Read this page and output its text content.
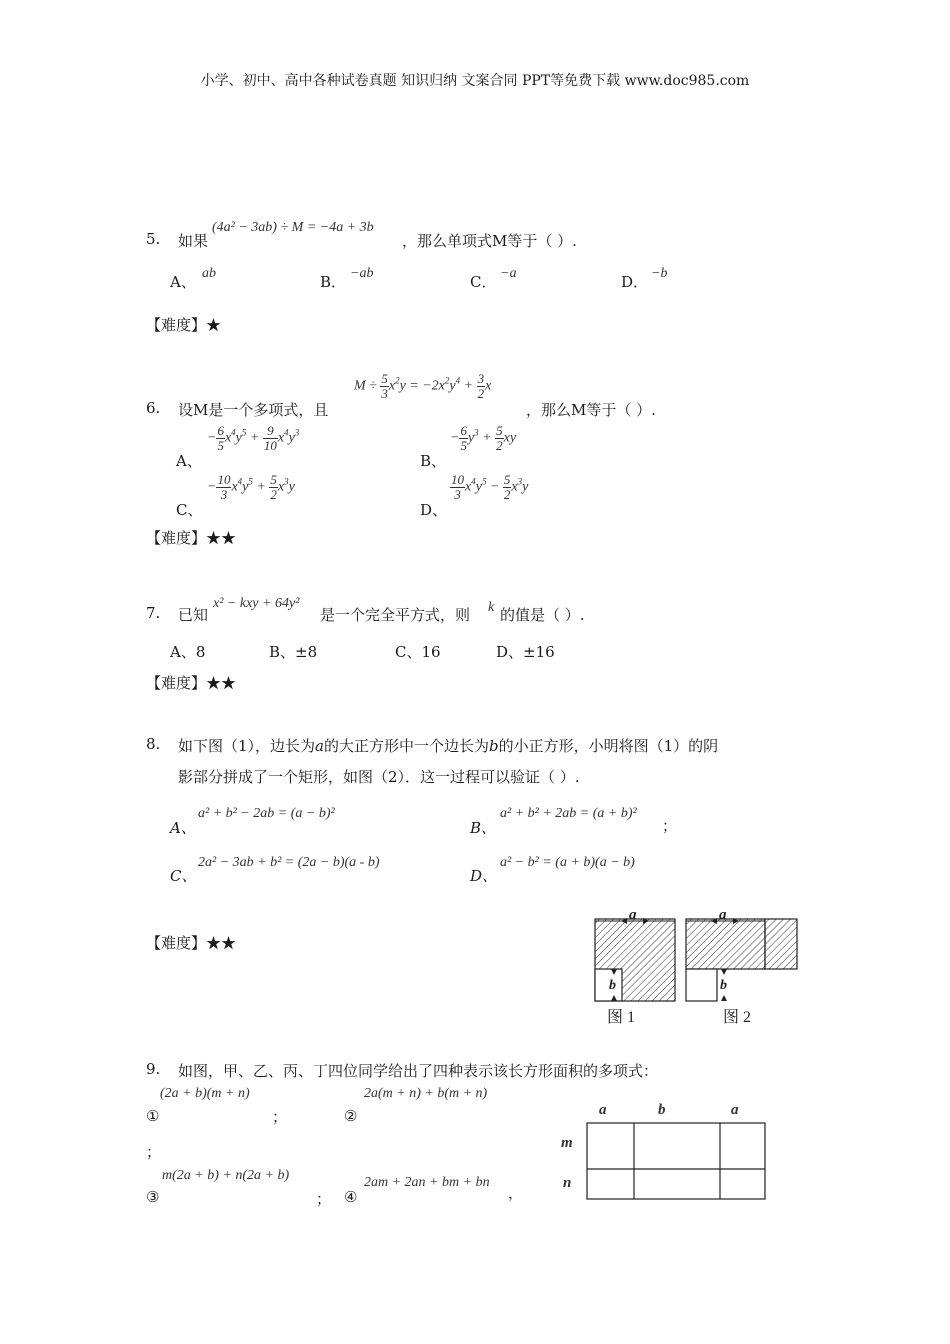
小学、初中、高中各种试卷真题 知识归纳 文案合同 PPT等免费下载 www.doc985.com
5. 如果
(4a² − 3ab) ÷ M = −4a + 3b
，那么单项式M等于（ ）.
A、 ab	B． −ab	C． −a	D． −b
【难度】★
$M \div \frac{5}{3} x^2y = -2x^2y^4 + \frac{3}{2}$ x
6. 设M是一个多项式，且	，那么M等于（ ）.
A、
− $\frac{6}{5} x^4y^5 + \frac{9}{10} x^4y^3$
B、
− $\frac{6}{5} y^3 + \frac{5}{2}$ xy
C、
− $\frac{10}{3} x^4y^5 + \frac{5}{2} x^3y$
D、
$\frac{10}{3} x^4y^5 - \frac{5}{2} x^3y$
【难度】★★
7. 已知
x² − kxy + 64y²
是一个完全平方式，则 k 的值是（ ）.
A、8	B、±8	C、16	D、±16
【难度】★★
8. 如下图（1），边长为a的大正方形中一个边长为b的小正方形，小明将图（1）的阴
影部分拼成了一个矩形，如图（2）．这一过程可以验证（ ）.
A、
a² + b² − 2ab = (a − b)²
B、
a² + b² + 2ab = (a + b)²
；
C、
2a² − 3ab + b² = (2a − b)(a - b)
D、
a² − b² = (a + b)(a − b)
【难度】★★
a
b
图 1
a
b
图 2
9. 如图，甲、乙、丙、丁四位同学给出了四种表示该长方形面积的多项式：
①
(2a + b)(m + n)
；	②
2a(m + n) + b(m + n)
；
③
m(2a + b) + n(2a + b)
； ④
2am + 2an + bm + bn
，
a	b	a
m
n
